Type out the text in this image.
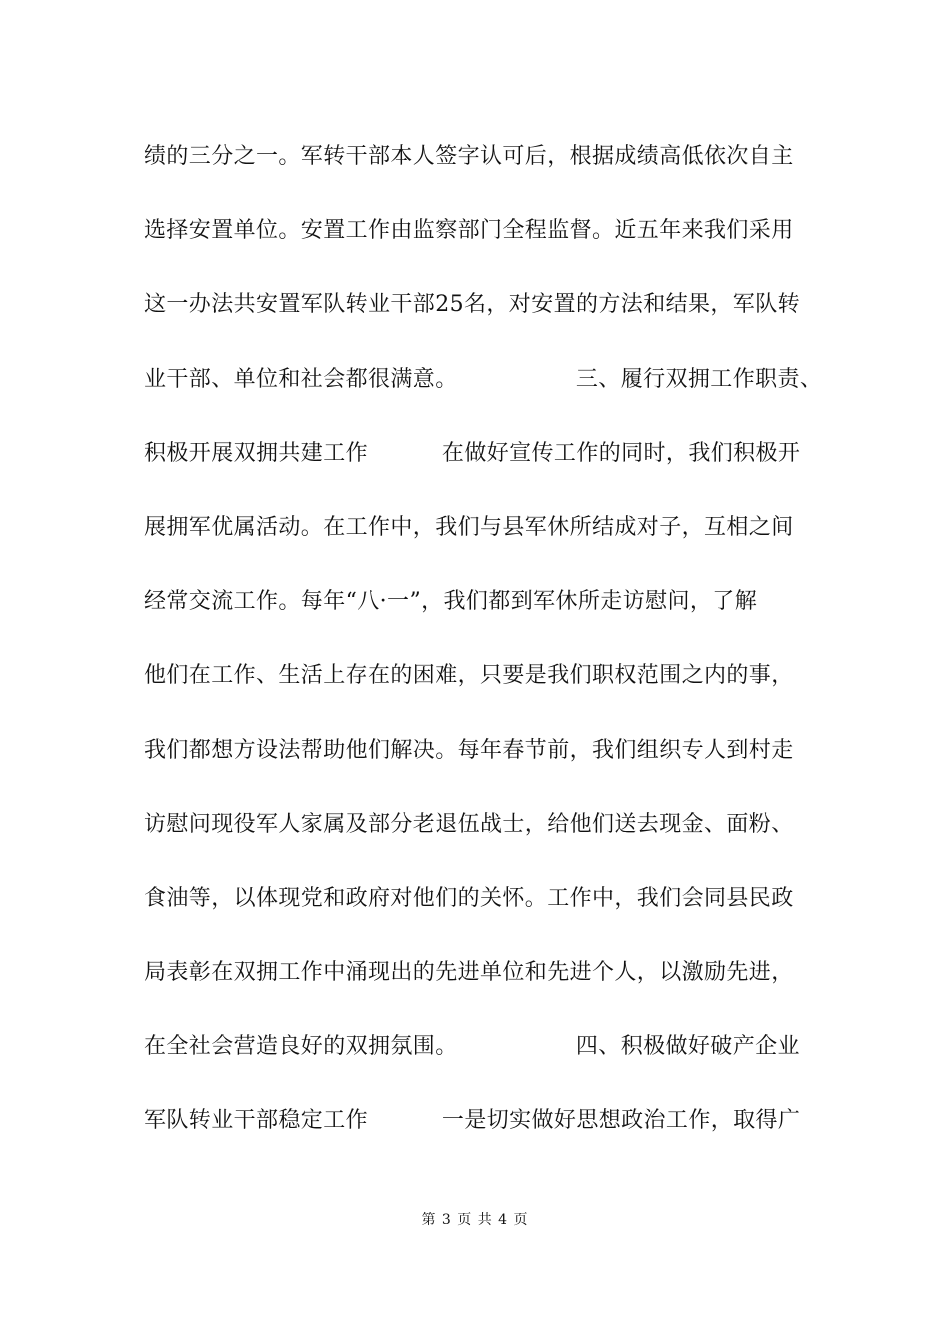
绩的三分之一。军转干部本人签字认可后，根据成绩高低依次自主
选择安置单位。安置工作由监察部门全程监督。近五年来我们采用
这一办法共安置军队转业干部25名，对安置的方法和结果，军队转
业干部、单位和社会都很满意。                三、履行双拥工作职责、
积极开展双拥共建工作          在做好宣传工作的同时，我们积极开
展拥军优属活动。在工作中，我们与县军休所结成对子，互相之间
经常交流工作。每年“八·一”，我们都到军休所走访慰问，了解
他们在工作、生活上存在的困难，只要是我们职权范围之内的事，
我们都想方设法帮助他们解决。每年春节前，我们组织专人到村走
访慰问现役军人家属及部分老退伍战士，给他们送去现金、面粉、
食油等，以体现党和政府对他们的关怀。工作中，我们会同县民政
局表彰在双拥工作中涌现出的先进单位和先进个人，以激励先进，
在全社会营造良好的双拥氛围。                四、积极做好破产企业
军队转业干部稳定工作          一是切实做好思想政治工作，取得广
第 3 页 共 4 页
